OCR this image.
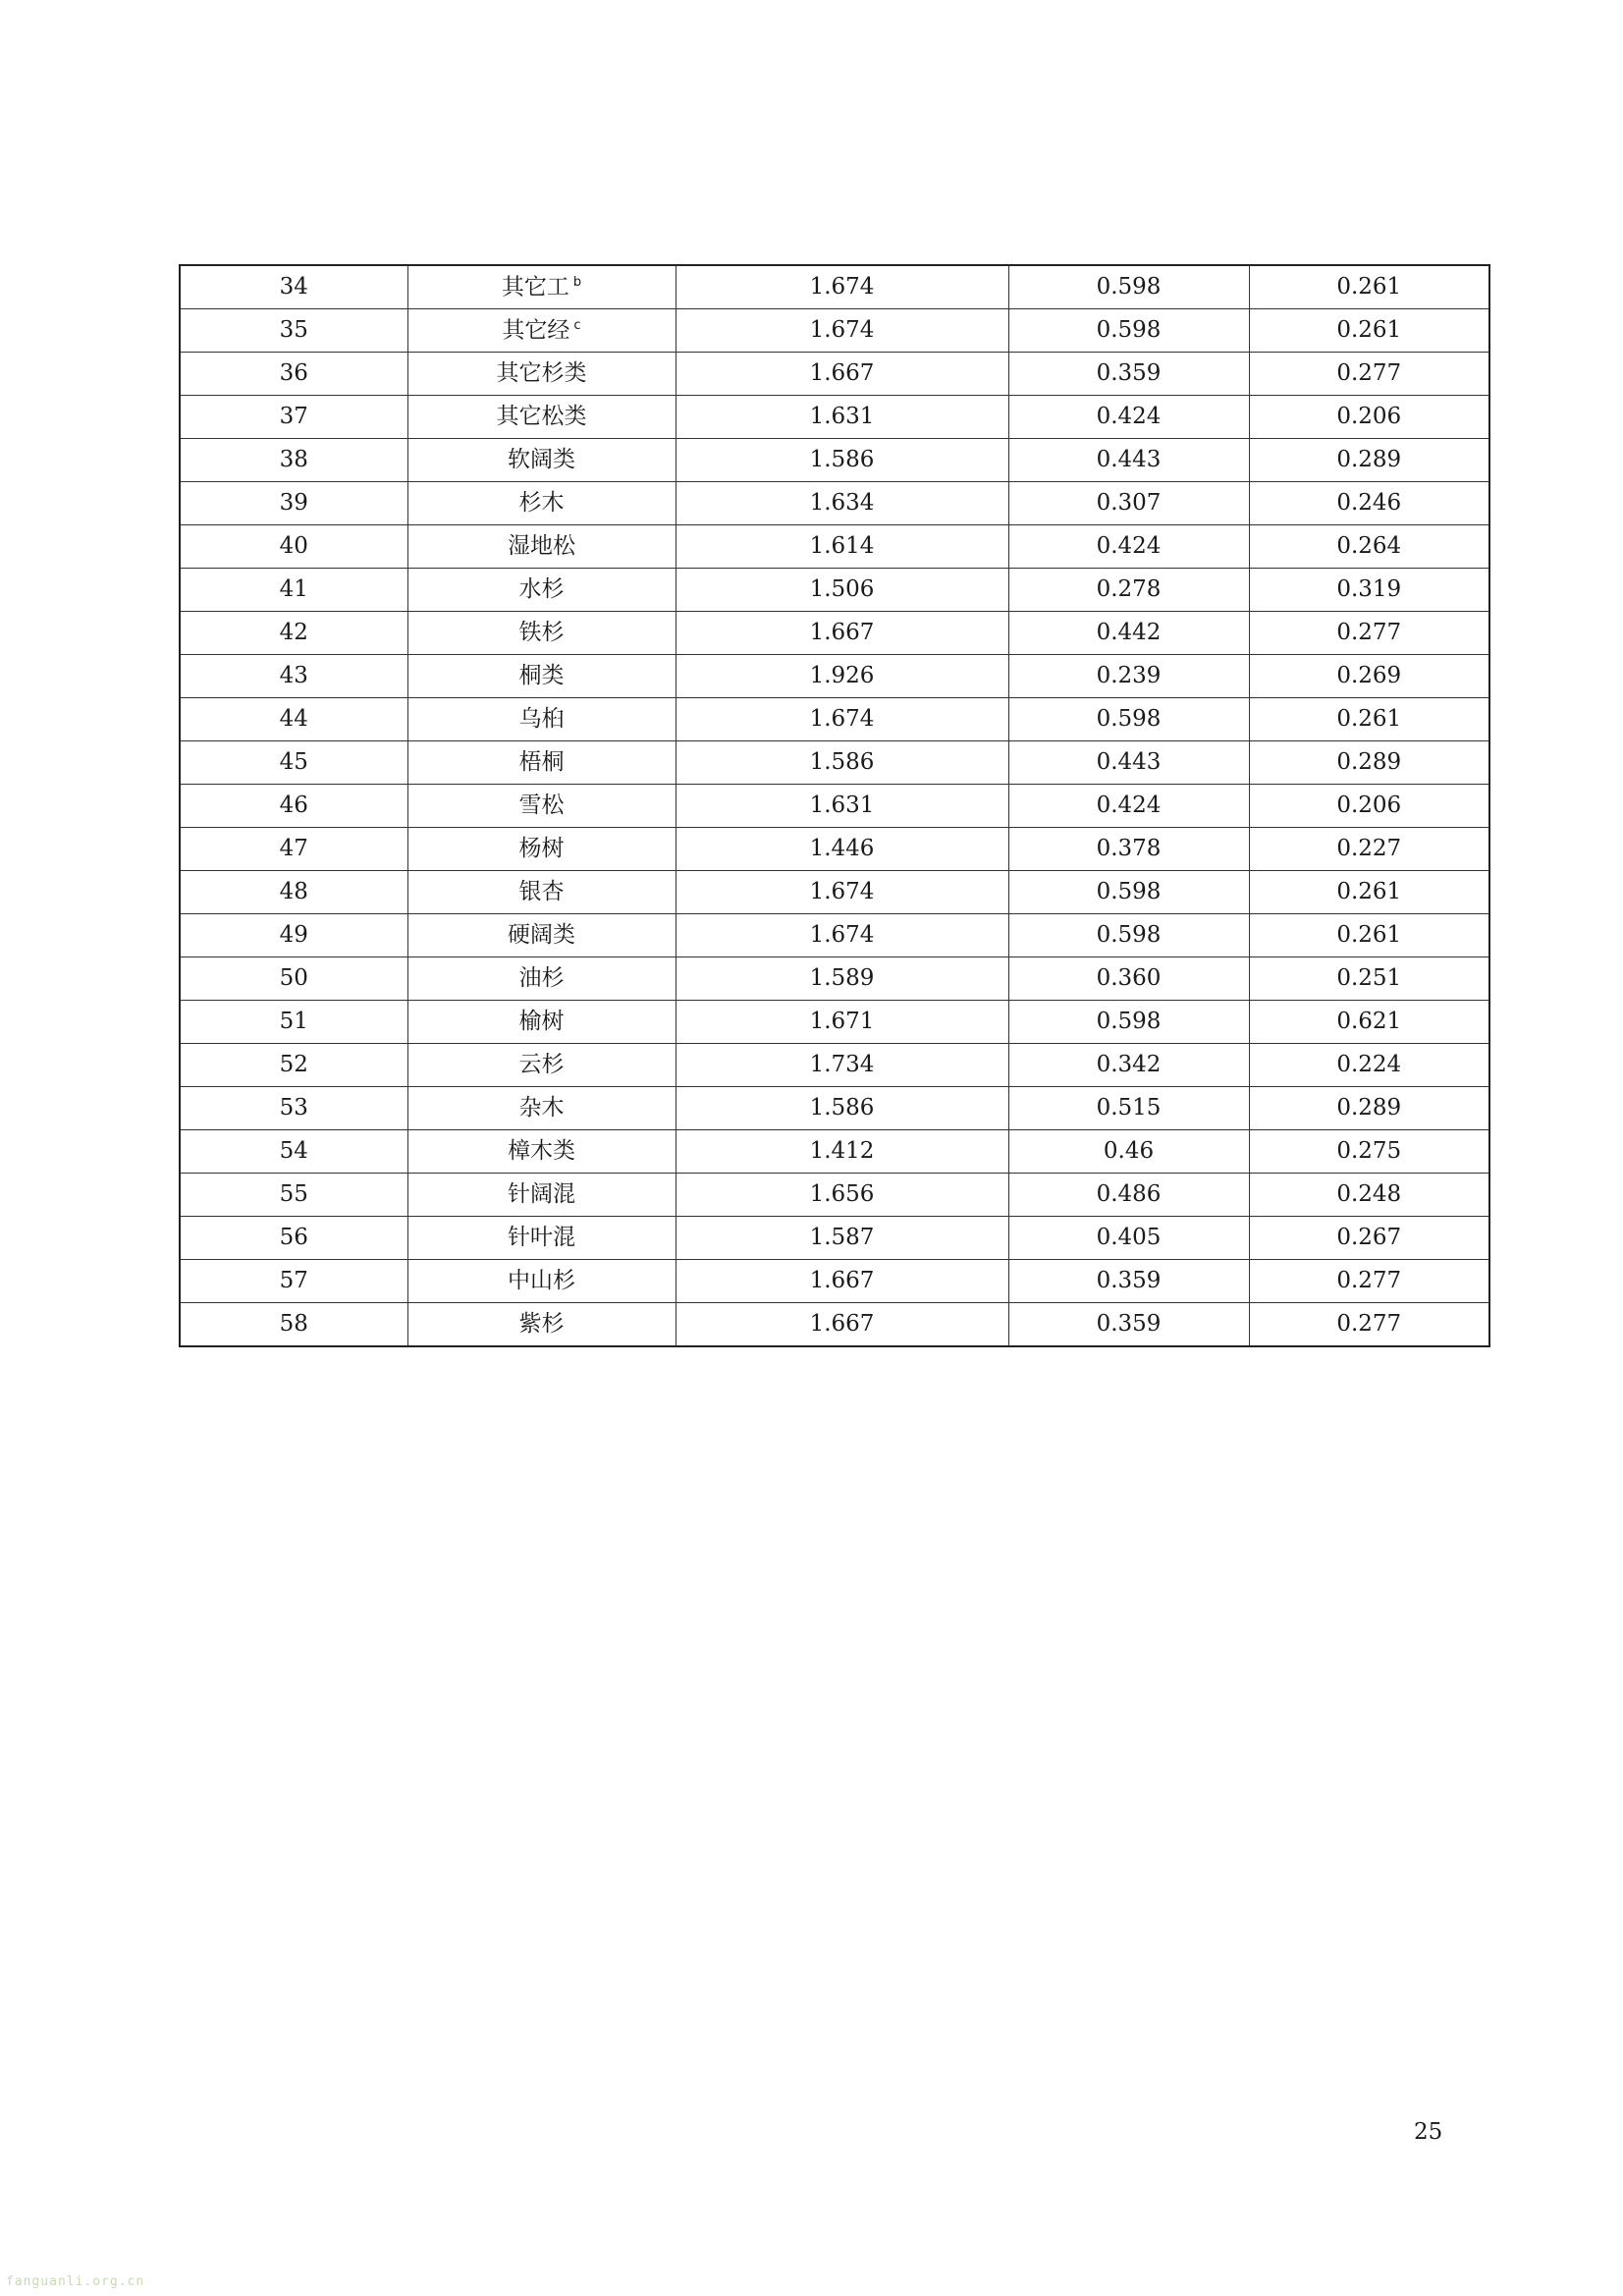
34	其它工 $^b$	1.674	0.598	0.261
35	其它经 $^c$	1.674	0.598	0.261
36	其它杉类	1.667	0.359	0.277
37	其它松类	1.631	0.424	0.206
38	软阔类	1.586	0.443	0.289
39	杉木	1.634	0.307	0.246
40	湿地松	1.614	0.424	0.264
41	水杉	1.506	0.278	0.319
42	铁杉	1.667	0.442	0.277
43	桐类	1.926	0.239	0.269
44	乌桕	1.674	0.598	0.261
45	梧桐	1.586	0.443	0.289
46	雪松	1.631	0.424	0.206
47	杨树	1.446	0.378	0.227
48	银杏	1.674	0.598	0.261
49	硬阔类	1.674	0.598	0.261
50	油杉	1.589	0.360	0.251
51	榆树	1.671	0.598	0.621
52	云杉	1.734	0.342	0.224
53	杂木	1.586	0.515	0.289
54	樟木类	1.412	0.46	0.275
55	针阔混	1.656	0.486	0.248
56	针叶混	1.587	0.405	0.267
57	中山杉	1.667	0.359	0.277
58	紫杉	1.667	0.359	0.277
25
fanguanli.org.cn
